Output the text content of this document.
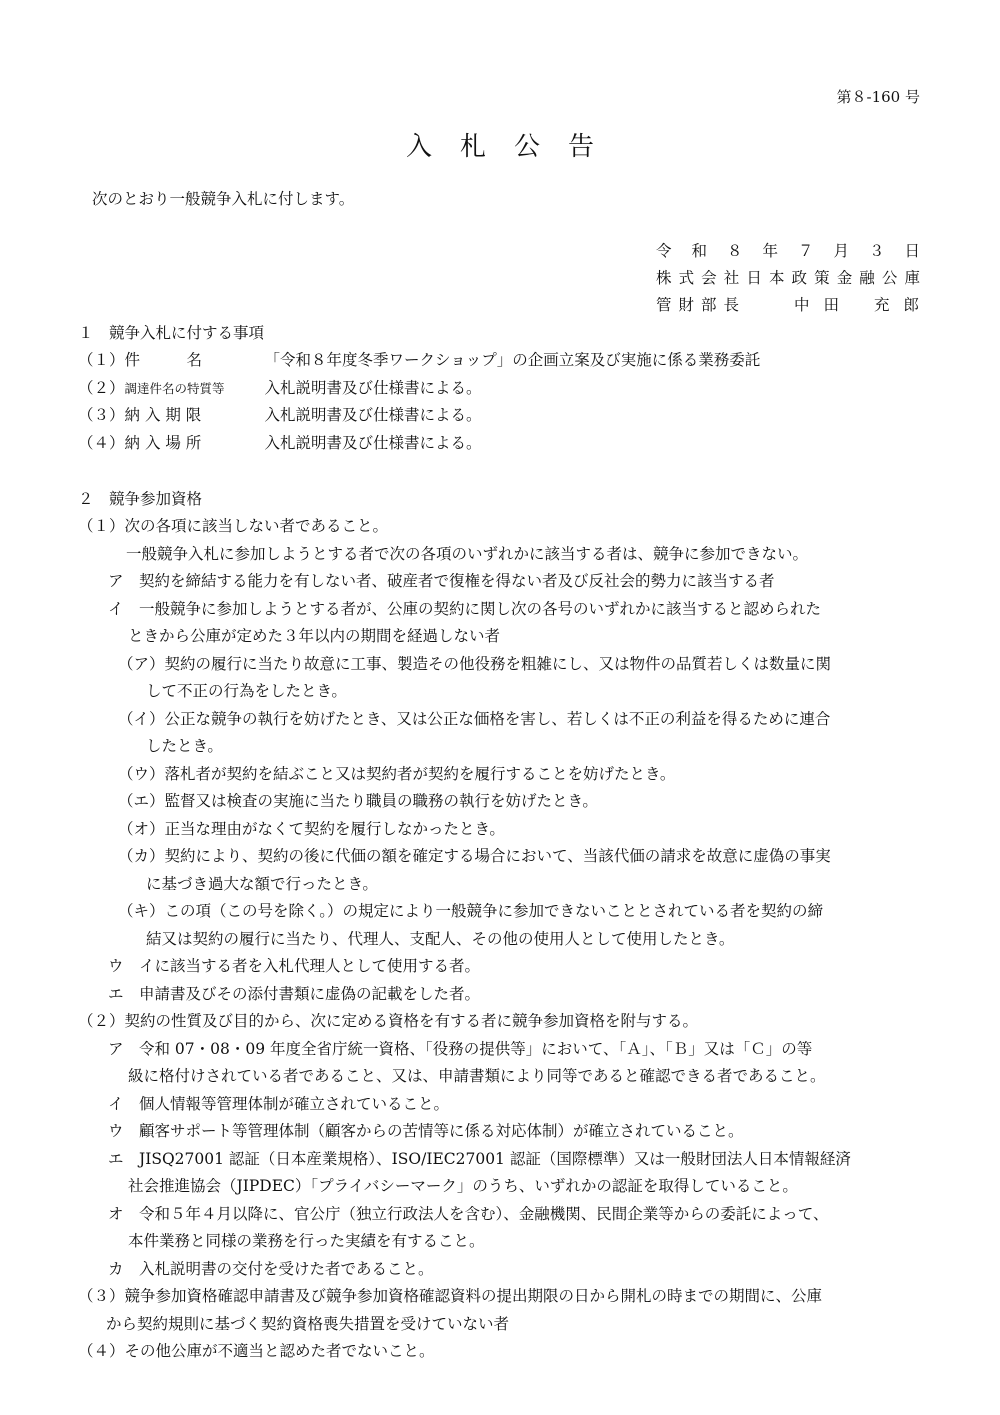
第８-160 号
入札公告
次のとおり一般競争入札に付します。
令和８年７月３日
株式会社日本政策金融公庫
管財部長	中田 充郎
１　競争入札に付する事項
（１）件　　　名	「令和８年度冬季ワークショップ」の企画立案及び実施に係る業務委託
（２）調達件名の特質等	入札説明書及び仕様書による。
（３）納 入 期 限	入札説明書及び仕様書による。
（４）納 入 場 所	入札説明書及び仕様書による。
２　競争参加資格
（１）次の各項に該当しない者であること。
一般競争入札に参加しようとする者で次の各項のいずれかに該当する者は、競争に参加できない。
ア　契約を締結する能力を有しない者、破産者で復権を得ない者及び反社会的勢力に該当する者
イ　一般競争に参加しようとする者が、公庫の契約に関し次の各号のいずれかに該当すると認められた
ときから公庫が定めた３年以内の期間を経過しない者
（ア）契約の履行に当たり故意に工事、製造その他役務を粗雑にし、又は物件の品質若しくは数量に関
して不正の行為をしたとき。
（イ）公正な競争の執行を妨げたとき、又は公正な価格を害し、若しくは不正の利益を得るために連合
したとき。
（ウ）落札者が契約を結ぶこと又は契約者が契約を履行することを妨げたとき。
（エ）監督又は検査の実施に当たり職員の職務の執行を妨げたとき。
（オ）正当な理由がなくて契約を履行しなかったとき。
（カ）契約により、契約の後に代価の額を確定する場合において、当該代価の請求を故意に虚偽の事実
に基づき過大な額で行ったとき。
（キ）この項（この号を除く。）の規定により一般競争に参加できないこととされている者を契約の締
結又は契約の履行に当たり、代理人、支配人、その他の使用人として使用したとき。
ウ　イに該当する者を入札代理人として使用する者。
エ　申請書及びその添付書類に虚偽の記載をした者。
（２）契約の性質及び目的から、次に定める資格を有する者に競争参加資格を附与する。
ア　令和 07・08・09 年度全省庁統一資格、「役務の提供等」において、「Ａ」、「Ｂ」又は「Ｃ」の等
級に格付けされている者であること、又は、申請書類により同等であると確認できる者であること。
イ　個人情報等管理体制が確立されていること。
ウ　顧客サポート等管理体制（顧客からの苦情等に係る対応体制）が確立されていること。
エ　JISQ27001 認証（日本産業規格）、ISO/IEC27001 認証（国際標準）又は一般財団法人日本情報経済
社会推進協会（JIPDEC）「プライバシーマーク」のうち、いずれかの認証を取得していること。
オ　令和５年４月以降に、官公庁（独立行政法人を含む）、金融機関、民間企業等からの委託によって、
本件業務と同様の業務を行った実績を有すること。
カ　入札説明書の交付を受けた者であること。
（３）競争参加資格確認申請書及び競争参加資格確認資料の提出期限の日から開札の時までの期間に、公庫
から契約規則に基づく契約資格喪失措置を受けていない者
（４）その他公庫が不適当と認めた者でないこと。
